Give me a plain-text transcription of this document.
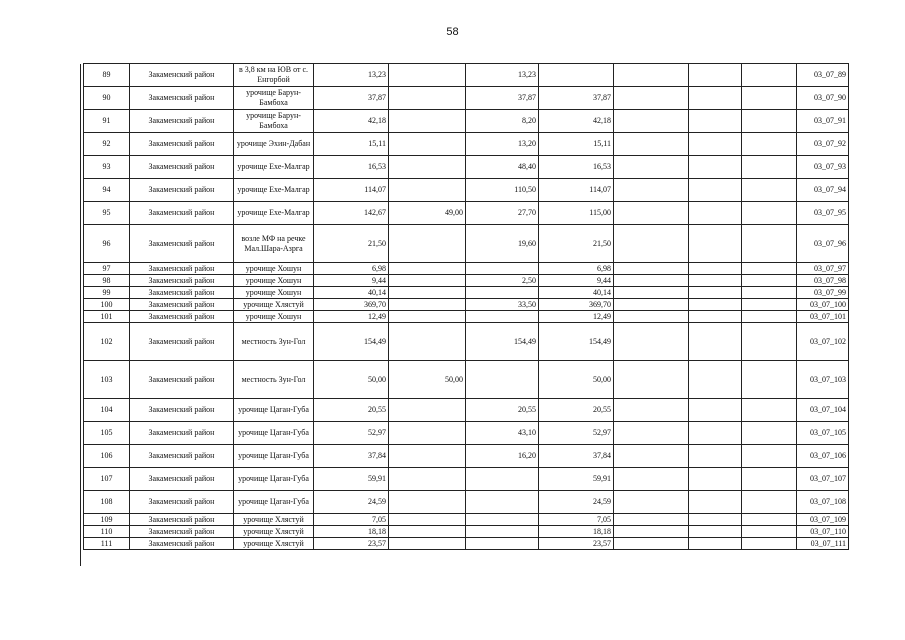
58
89	Закаменский район	в 3,8 км на ЮВ от с. Енгорбой	13,23		13,23					03_07_89
90	Закаменский район	урочище Барун-Бамбоха	37,87		37,87	37,87				03_07_90
91	Закаменский район	урочище Барун-Бамбоха	42,18		8,20	42,18				03_07_91
92	Закаменский район	урочище Эхин-Дабан	15,11		13,20	15,11				03_07_92
93	Закаменский район	урочище Ехе-Малгар	16,53		48,40	16,53				03_07_93
94	Закаменский район	урочище Ехе-Малгар	114,07		110,50	114,07				03_07_94
95	Закаменский район	урочище Ехе-Малгар	142,67	49,00	27,70	115,00				03_07_95
96	Закаменский район	возле МФ на речке Мал.Шара-Азрга	21,50		19,60	21,50				03_07_96
97	Закаменский район	урочище Хошун	6,98			6,98				03_07_97
98	Закаменский район	урочище Хошун	9,44		2,50	9,44				03_07_98
99	Закаменский район	урочище Хошун	40,14			40,14				03_07_99
100	Закаменский район	урочище Хлястуй	369,70		33,50	369,70				03_07_100
101	Закаменский район	урочище Хошун	12,49			12,49				03_07_101
102	Закаменский район	местность Зун-Гол	154,49		154,49	154,49				03_07_102
103	Закаменский район	местность Зун-Гол	50,00	50,00		50,00				03_07_103
104	Закаменский район	урочище Цаган-Губа	20,55		20,55	20,55				03_07_104
105	Закаменский район	урочище Цаган-Губа	52,97		43,10	52,97				03_07_105
106	Закаменский район	урочище Цаган-Губа	37,84		16,20	37,84				03_07_106
107	Закаменский район	урочище Цаган-Губа	59,91			59,91				03_07_107
108	Закаменский район	урочище Цаган-Губа	24,59			24,59				03_07_108
109	Закаменский район	урочище Хлястуй	7,05			7,05				03_07_109
110	Закаменский район	урочище Хлястуй	18,18			18,18				03_07_110
111	Закаменский район	урочище Хлястуй	23,57			23,57				03_07_111
